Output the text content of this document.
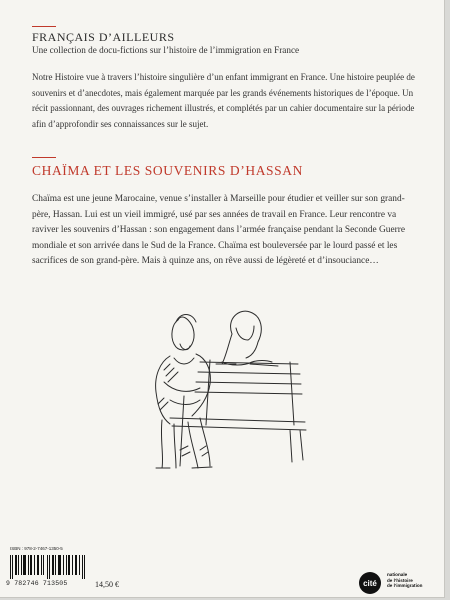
FRANÇAIS D’AILLEURS
Une collection de docu-fictions sur l’histoire de l’immigration en France

Notre Histoire vue à travers l’histoire singulière d’un enfant immigrant en France. Une histoire peuplée de souvenirs et d’anecdotes, mais également marquée par les grands événements historiques de l’époque. Un récit passionnant, des ouvrages richement illustrés, et complétés par un cahier documentaire sur la période afin d’approfondir ses connaissances sur le sujet.

CHAÏMA ET LES SOUVENIRS D’HASSAN

Chaïma est une jeune Marocaine, venue s’installer à Marseille pour étudier et veiller sur son grand-père, Hassan. Lui est un vieil immigré, usé par ses années de travail en France. Leur rencontre va raviver les souvenirs d’Hassan : son engagement dans l’armée française pendant la Seconde Guerre mondiale et son arrivée dans le Sud de la France. Chaïma est bouleversée par le lourd passé et les sacrifices de son grand-père. Mais à quinze ans, on rêve aussi de légèreté et d’insouciance…

ISBN : 978-2-7467-1350-5
9 782746 713505	14,50 €	cité
nationale
de l’histoire
de l’immigration
